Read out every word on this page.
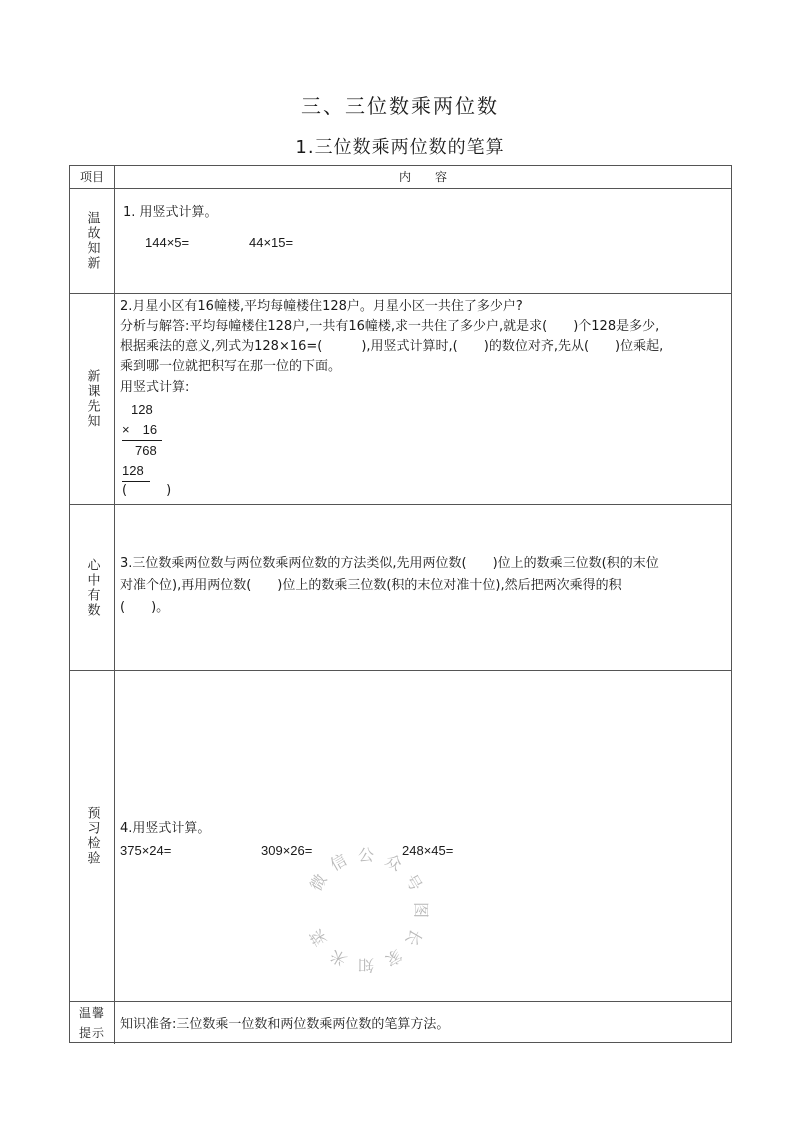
三、三位数乘两位数
1.三位数乘两位数的笔算
项目	内　　容
温故知新 1. 用竖式计算。
144×5=	44×15=
新课先知
2.月星小区有16幢楼,平均每幢楼住128户。月星小区一共住了多少户?
分析与解答:平均每幢楼住128户,一共有16幢楼,求一共住了多少户,就是求(　　)个128是多少,
根据乘法的意义,列式为128×16=(　　　),用竖式计算时,(　　)的数位对齐,先从(　　)位乘起,
乘到哪一位就把积写在那一位的下面。
用竖式计算:
128
×　16
768
128
(　　　)
心中有数 3.三位数乘两位数与两位数乘两位数的方法类似,先用两位数(　　)位上的数乘三位数(积的末位
对准个位),再用两位数(　　)位上的数乘三位数(积的末位对准十位),然后把两次乘得的积
(　　)。
预习检验 4.用竖式计算。
375×24=	309×26=	248×45=
温馨提示
知识准备:三位数乘一位数和两位数乘两位数的笔算方法。
微
信 公 众
号
图
长
家
知
米
菜
